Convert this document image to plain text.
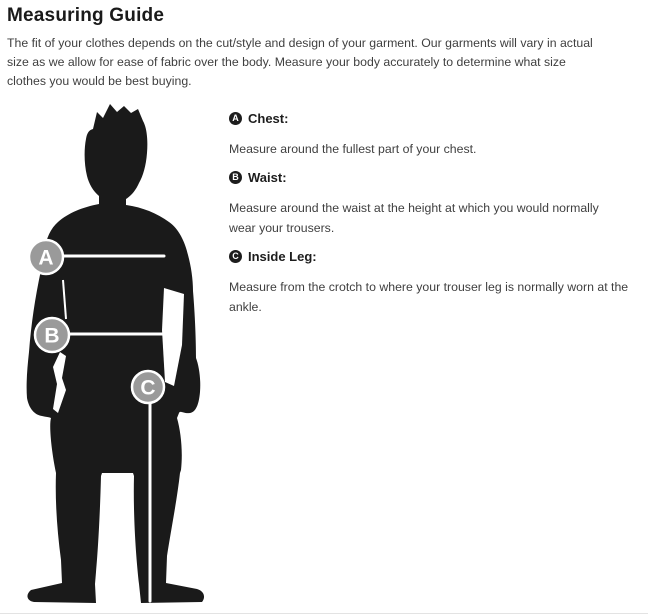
Measuring Guide

The fit of your clothes depends on the cut/style and design of your garment. Our garments will vary in actual
size as we allow for ease of fabric over the body. Measure your body accurately to determine what size
clothes you would be best buying.

A
B
C
A Chest:

Measure around the fullest part of your chest.

B Waist:

Measure around the waist at the height at which you would normally wear your trousers.

C Inside Leg:

Measure from the crotch to where your trouser leg is normally worn at the ankle.
